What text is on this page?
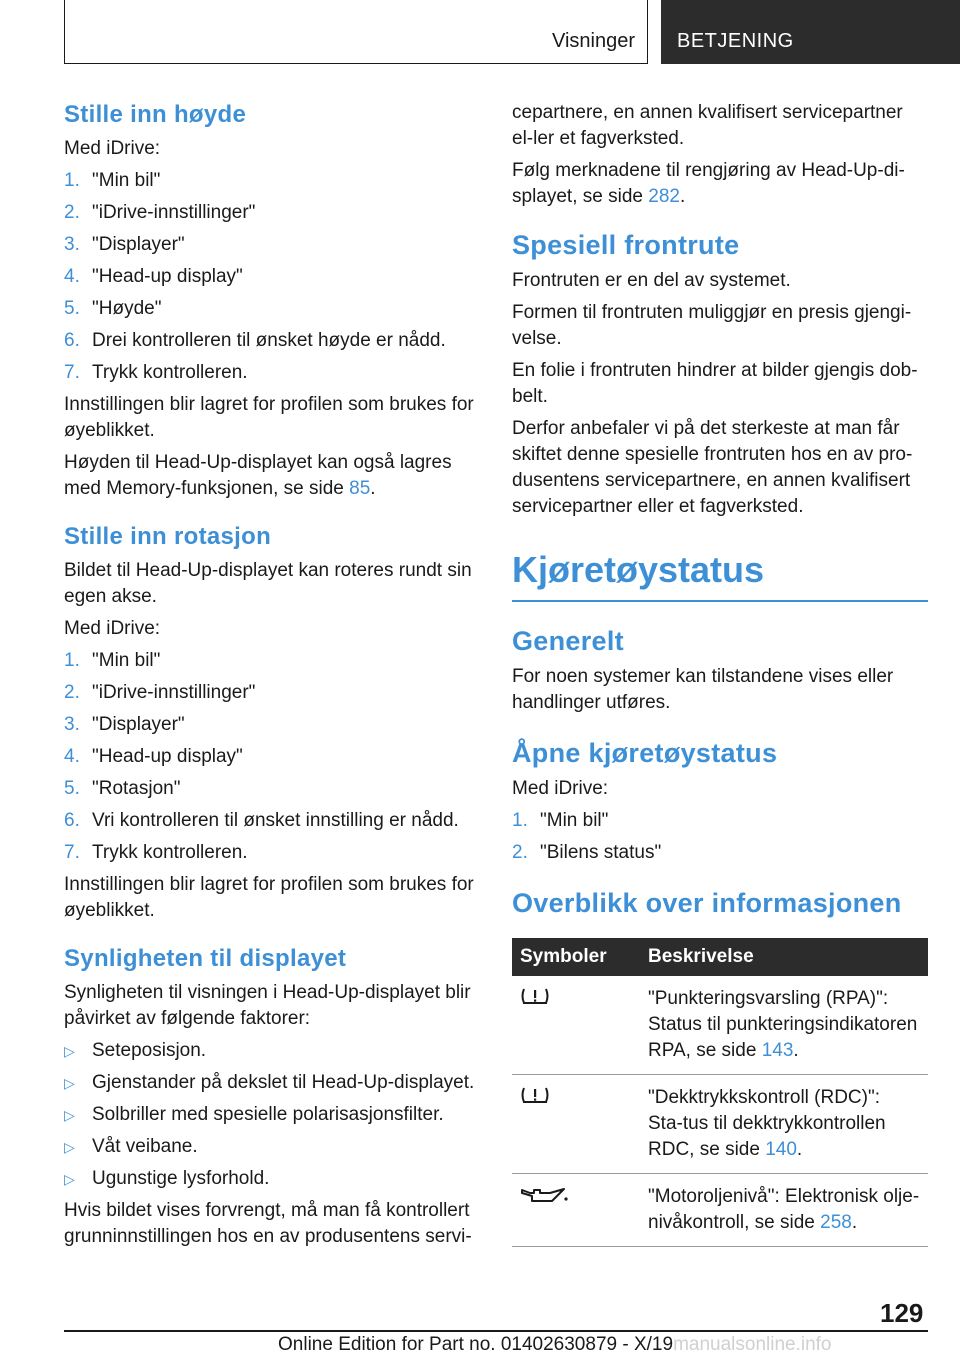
Visninger BETJENING
Stille inn høyde

Med iDrive:

1. "Min bil"
2. "iDrive-innstillinger"
3. "Displayer"
4. "Head-up display"
5. "Høyde"
6. Drei kontrolleren til ønsket høyde er nådd.
7. Trykk kontrolleren.

Innstillingen blir lagret for profilen som brukes for øyeblikket.

Høyden til Head-Up-displayet kan også lagres med Memory-funksjonen, se side 85.

Stille inn rotasjon

Bildet til Head-Up-displayet kan roteres rundt sin egen akse.

Med iDrive:

1. "Min bil"
2. "iDrive-innstillinger"
3. "Displayer"
4. "Head-up display"
5. "Rotasjon"
6. Vri kontrolleren til ønsket innstilling er nådd.
7. Trykk kontrolleren.

Innstillingen blir lagret for profilen som brukes for øyeblikket.

Synligheten til displayet

Synligheten til visningen i Head-Up-displayet blir påvirket av følgende faktorer:

▷ Seteposisjon.
▷ Gjenstander på dekslet til Head-Up-displayet.
▷ Solbriller med spesielle polarisasjonsfilter.
▷ Våt veibane.
▷ Ugunstige lysforhold.

Hvis bildet vises forvrengt, må man få kontrollert grunninnstillingen hos en av produsentens servi-

cepartnere, en annen kvalifisert servicepartner el-ler et fagverksted.

Følg merknadene til rengjøring av Head-Up-di-splayet, se side 282.

Spesiell frontrute

Frontruten er en del av systemet.

Formen til frontruten muliggjør en presis gjengi-velse.

En folie i frontruten hindrer at bilder gjengis dob-belt.

Derfor anbefaler vi på det sterkeste at man får skiftet denne spesielle frontruten hos en av pro-dusentens servicepartnere, en annen kvalifisert servicepartner eller et fagverksted.

Kjøretøystatus
Generelt

For noen systemer kan tilstandene vises eller handlinger utføres.

Åpne kjøretøystatus

Med iDrive:

1. "Min bil"
2. "Bilens status"
Overblikk over informasjonen
Symboler	Beskrivelse

	"Punkteringsvarsling (RPA)": Status til punkteringsindikatoren RPA, se side 143.

	"Dekktrykkskontroll (RDC)": Sta-tus til dekktrykkontrollen RDC, se side 140.

	"Motoroljenivå": Elektronisk olje-nivåkontroll, se side 258.
129
Online Edition for Part no. 01402630879 - X/19manualsonline.info
